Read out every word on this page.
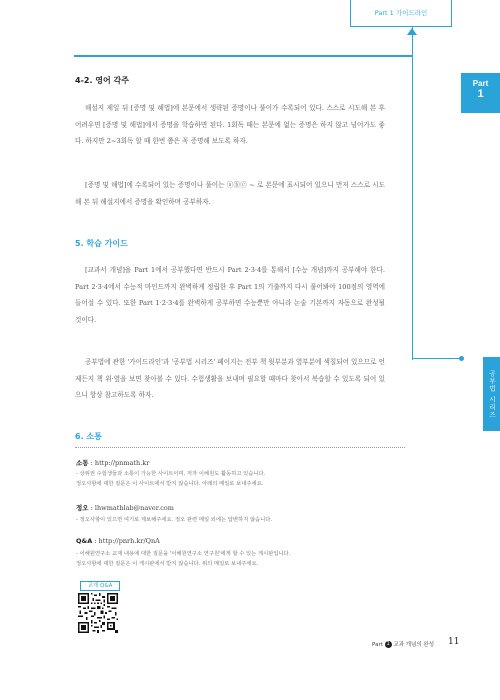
Part 1 가이드라인
Part
1
공부법 시리즈
4-2. 영어 각주
해설지 제일 뒤 [증명 및 해법]에 본문에서 생략된 증명이나 풀이가 수록되어 있다. 스스로 시도해 본 후 어려우면 [증명 및 해법]에서 증명을 학습하면 된다. 1회독 때는 본문에 없는 증명은 하지 않고 넘어가도 좋다. 하지만 2~3회독 할 때 한번 쯤은 꼭 증명해 보도록 하자.
[증명 및 해법]에 수록되어 있는 증명이나 풀이는 ⓐⓑⓒ ~ 로 본문에 표시되어 있으니 먼저 스스로 시도해 본 뒤 해설지에서 증명을 확인하며 공부하자.
5. 학습 가이드
[교과서 개념]을 Part 1에서 공부했다면 반드시 Part 2·3·4를 통해서 [수능 개념]까지 공부해야 한다. Part 2·3·4에서 수능적 마인드까지 완벽하게 정립한 후 Part 1의 기출까지 다시 풀어봐야 100점의 영역에 들어설 수 있다. 또한 Part 1·2·3·4를 완벽하게 공부하면 수능뿐만 아니라 논술 기본까지 자동으로 완성될 것이다.
공부법에 관한 '가이드라인'과 '공부법 시리즈' 페이지는 전부 책 윗부분과 옆부분에 색칠되어 있으므로 언제든지 책 위·옆을 보면 찾아볼 수 있다. 수험생활을 보내며 필요할 때마다 찾아서 복습할 수 있도록 되어 있으니 항상 참고하도록 하자.
6. 소통
소통 : http://pnmath.kr
- 상위권 수험생들과 소통이 가능한 사이트이며, 저자 이해원도 활동하고 있습니다.
정오사항에 대한 질문은 이 사이트에서 받지 않습니다. 아래의 메일로 보내주세요.
정오 : lhwmathlab@naver.com
- 정오사항이 있으면 여기로 제보해주세요. 정오 관련 메일 외에는 답변하지 않습니다.
Q&A : http://pnrh.kr/QnA
- 이해원연구소 교재 내용에 대한 질문을 '이해원연구소 연구원'에게 할 수 있는 게시판입니다.
정오사항에 대한 질문은 이 게시판에서 받지 않습니다. 위의 메일로 보내주세요.
교재 Q&A
Part 1 교과 개념의 완성 11
